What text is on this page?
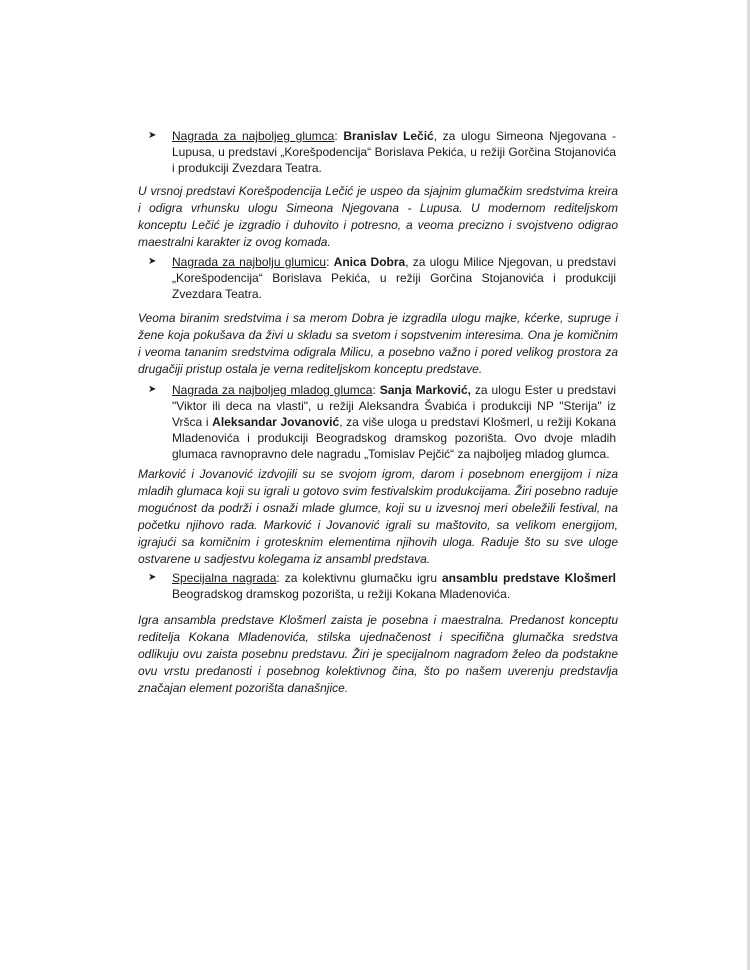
➤	Nagrada za najboljeg glumca: Branislav Lečić, za ulogu Simeona Njegovana - Lupusa, u predstavi „Korešpodencija“ Borislava Pekića, u režiji Gorčina Stojanovića i produkciji Zvezdara Teatra.
U vrsnoj predstavi Korešpodencija Lečić je uspeo da sjajnim glumačkim sredstvima kreira i odigra vrhunsku ulogu Simeona Njegovana - Lupusa. U modernom rediteljskom konceptu Lečić je izgradio i duhovito i potresno, a veoma precizno i svojstveno odigrao maestralni karakter iz ovog komada.
➤	Nagrada za najbolju glumicu: Anica Dobra, za ulogu Milice Njegovan, u predstavi „Korešpodencija“ Borislava Pekića, u režiji Gorčina Stojanovića i produkciji Zvezdara Teatra.
Veoma biranim sredstvima i sa merom Dobra je izgradila ulogu majke, kćerke, supruge i žene koja pokušava da živi u skladu sa svetom i sopstvenim interesima. Ona je komičnim i veoma tananim sredstvima odigrala Milicu, a posebno važno i pored velikog prostora za drugačiji pristup ostala je verna rediteljskom konceptu predstave.
➤	Nagrada za najboljeg mladog glumca: Sanja Marković, za ulogu Ester u predstavi "Viktor ili deca na vlasti", u režiji Aleksandra Švabića i produkciji NP "Sterija" iz Vršca i Aleksandar Jovanović, za više uloga u predstavi Klošmerl, u režiji Kokana Mladenovića i produkciji Beogradskog dramskog pozorišta. Ovo dvoje mladih glumaca ravnopravno dele nagradu „Tomislav Pejčić“ za najboljeg mladog glumca.
Marković i Jovanović izdvojili su se svojom igrom, darom i posebnom energijom i niza mladih glumaca koji su igrali u gotovo svim festivalskim produkcijama. Žiri posebno raduje mogućnost da podrži i osnaži mlade glumce, koji su u izvesnoj meri obeležili festival, na početku njihovo rada. Marković i Jovanović igrali su maštovito, sa velikom energijom, igrajući sa komičnim i grotesknim elementima njihovih uloga. Raduje što su sve uloge ostvarene u sadjestvu kolegama iz ansambl predstava.
➤	Specijalna nagrada: za kolektivnu glumačku igru ansamblu predstave Klošmerl Beogradskog dramskog pozorišta, u režiji Kokana Mladenovića.
Igra ansambla predstave Klošmerl zaista je posebna i maestralna. Predanost konceptu reditelja Kokana Mladenovića, stilska ujednačenost i specifična glumačka sredstva odlikuju ovu zaista posebnu predstavu. Žiri je specijalnom nagradom želeo da podstakne ovu vrstu predanosti i posebnog kolektivnog čina, što po našem uverenju predstavlja značajan element pozorišta današnjice.
